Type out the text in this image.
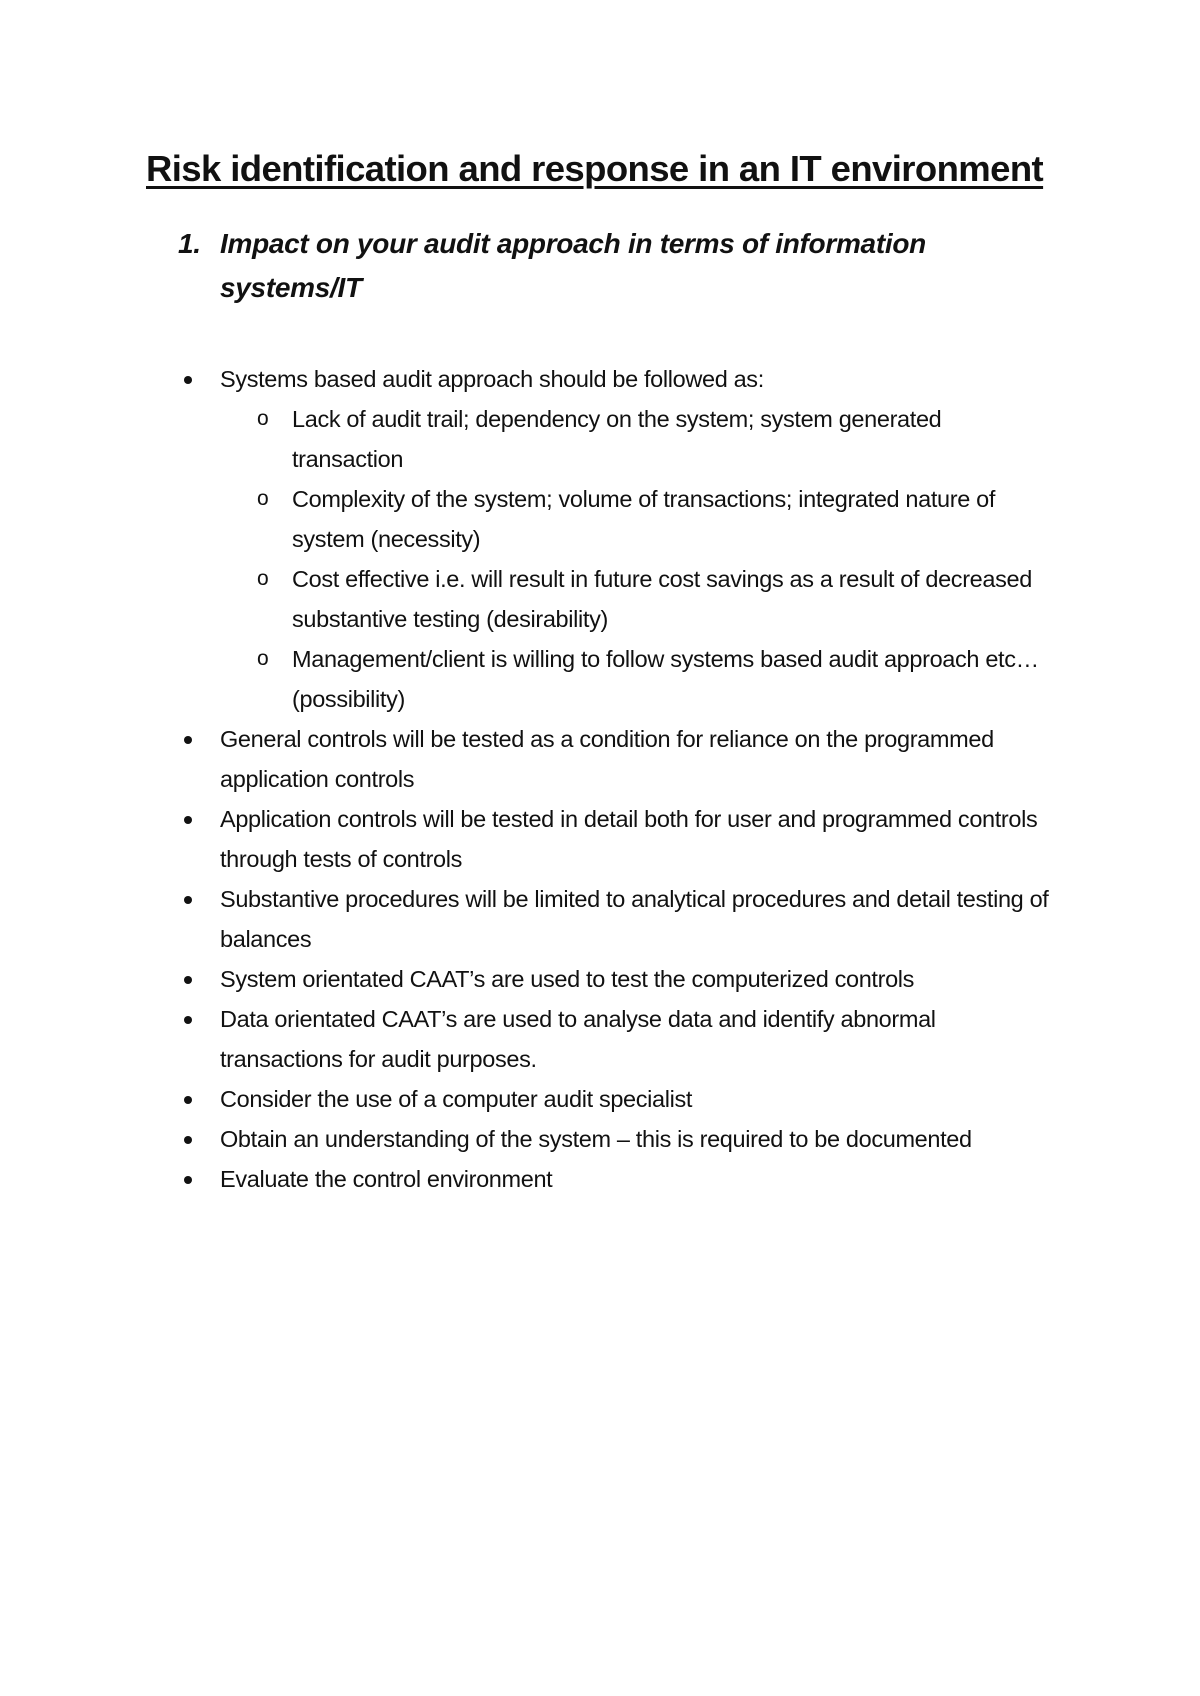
Risk identification and response in an IT environment
1. Impact on your audit approach in terms of information systems/IT
Systems based audit approach should be followed as:
o Lack of audit trail; dependency on the system; system generated transaction
o Complexity of the system; volume of transactions; integrated nature of system (necessity)
o Cost effective i.e. will result in future cost savings as a result of decreased substantive testing (desirability)
o Management/client is willing to follow systems based audit approach etc… (possibility)
General controls will be tested as a condition for reliance on the programmed application controls
Application controls will be tested in detail both for user and programmed controls through tests of controls
Substantive procedures will be limited to analytical procedures and detail testing of balances
System orientated CAAT’s are used to test the computerized controls
Data orientated CAAT’s are used to analyse data and identify abnormal transactions for audit purposes.
Consider the use of a computer audit specialist
Obtain an understanding of the system – this is required to be documented
Evaluate the control environment
